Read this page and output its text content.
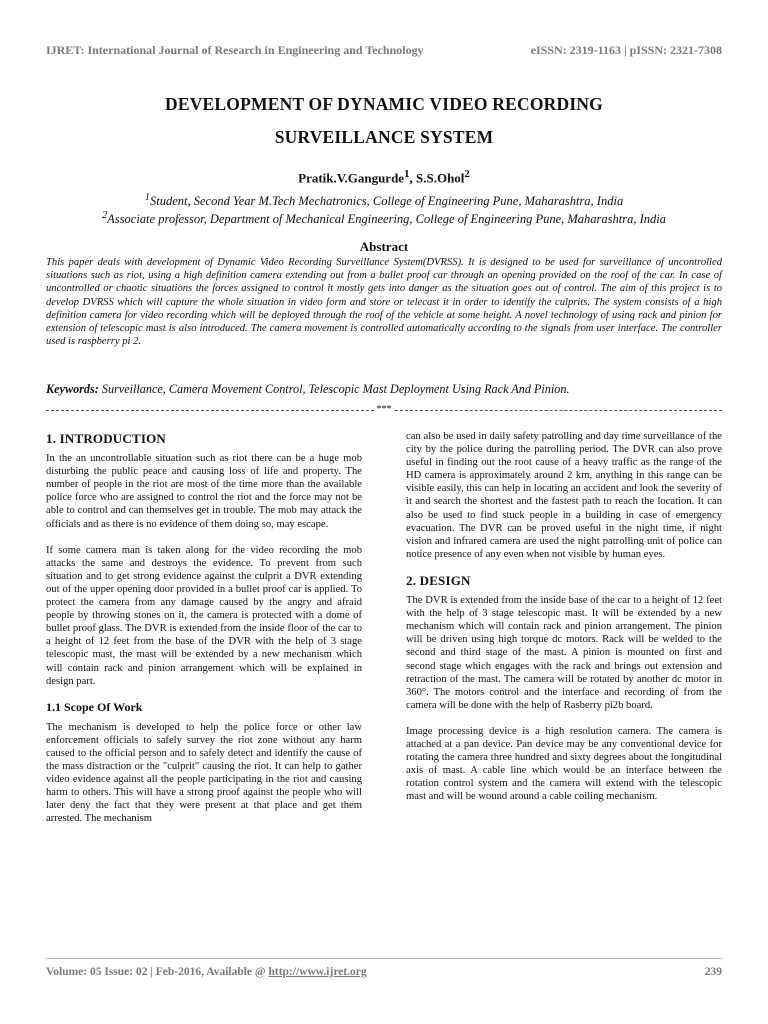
IJRET: International Journal of Research in Engineering and Technology	eISSN: 2319-1163 | pISSN: 2321-7308
DEVELOPMENT OF DYNAMIC VIDEO RECORDING
SURVEILLANCE SYSTEM
Pratik.V.Gangurde$^1$, S.S.Ohol$^2$
$^1$Student, Second Year M.Tech Mechatronics, College of Engineering Pune, Maharashtra, India
$^2$Associate professor, Department of Mechanical Engineering, College of Engineering Pune, Maharashtra, India
Abstract
This paper deals with development of Dynamic Video Recording Surveillance System(DVRSS). It is designed to be used for surveillance of uncontrolled situations such as riot, using a high definition camera extending out from a bullet proof car through an opening provided on the roof of the car. In case of uncontrolled or chaotic situations the forces assigned to control it mostly gets into danger as the situation goes out of control. The aim of this project is to develop DVRSS which will capture the whole situation in video form and store or telecast it in order to identify the culprits. The system consists of a high definition camera for video recording which will be deployed through the roof of the vehicle at some height. A novel technology of using rack and pinion for extension of telescopic mast is also introduced. The camera movement is controlled automatically according to the signals from user interface. The controller used is raspberry pi 2.
Keywords: Surveillance, Camera Movement Control, Telescopic Mast Deployment Using Rack And Pinion.
***
1. INTRODUCTION

In the an uncontrollable situation such as riot there can be a huge mob disturbing the public peace and causing loss of life and property. The number of people in the riot are most of the time more than the available police force who are assigned to control the riot and the force may not be able to control and can themselves get in trouble. The mob may attack the officials and as there is no evidence of them doing so, may escape.

If some camera man is taken along for the video recording the mob attacks the same and destroys the evidence. To prevent from such situation and to get strong evidence against the culprit a DVR extending out of the upper opening door provided in a bullet proof car is applied. To protect the camera from any damage caused by the angry and afraid people by throwing stones on it, the camera is protected with a dome of bullet proof glass. The DVR is extended from the inside floor of the car to a height of 12 feet from the base of the DVR with the help of 3 stage telescopic mast, the mast will be extended by a new mechanism which will contain rack and pinion arrangement which will be explained in design part.

1.1 Scope Of Work

The mechanism is developed to help the police force or other law enforcement officials to safely survey the riot zone without any harm caused to the official person and to safely detect and identify the cause of the mass distraction or the "culprit" causing the riot. It can help to gather video evidence against all the people participating in the riot and causing harm to others. This will have a strong proof against the people who will later deny the fact that they were present at that place and get them arrested. The mechanism

can also be used in daily safety patrolling and day time surveillance of the city by the police during the patrolling period. The DVR can also prove useful in finding out the root cause of a heavy traffic as the range of the HD camera is approximately around 2 km, anything in this range can be visible easily, this can help in locating an accident and look the severity of it and search the shortest and the fastest path to reach the location. It can also be used to find stuck people in a building in case of emergency evacuation. The DVR can be proved useful in the night time, if night vision and infrared camera are used the night patrolling unit of police can notice presence of any even when not visible by human eyes.

2. DESIGN

The DVR is extended from the inside base of the car to a height of 12 feet with the help of 3 stage telescopic mast. It will be extended by a new mechanism which will contain rack and pinion arrangement. The pinion will be driven using high torque dc motors. Rack will be welded to the second and third stage of the mast. A pinion is mounted on first and second stage which engages with the rack and brings out extension and retraction of the mast. The camera will be rotated by another dc motor in 360°. The motors control and the interface and recording of from the camera will be done with the help of Rasberry pi2b board.

Image processing device is a high resolution camera. The camera is attached at a pan device. Pan device may be any conventional device for rotating the camera three hundred and sixty degrees about the longitudinal axis of mast. A cable line which would be an interface between the rotation control system and the camera will extend with the telescopic mast and will be wound around a cable coiling mechanism.

Volume: 05 Issue: 02 | Feb-2016, Available @ http://www.ijret.org	239
